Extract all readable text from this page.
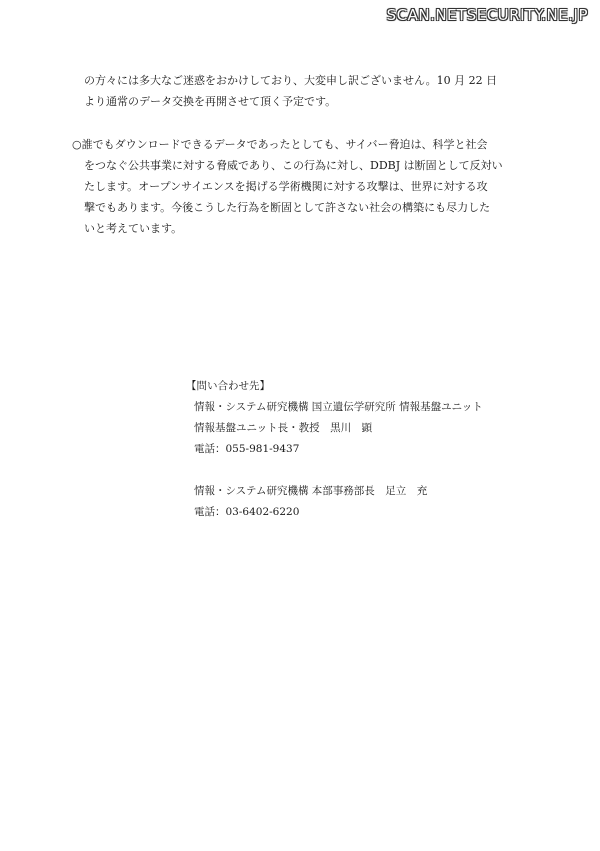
SCAN.NETSECURITY.NE.JP
の方々には多大なご迷惑をおかけしており、大変申し訳ございません。10 月 22 日
より通常のデータ交換を再開させて頂く予定です。
○誰でもダウンロードできるデータであったとしても、サイバー脅迫は、科学と社会
をつなぐ公共事業に対する脅威であり、この行為に対し、DDBJ は断固として反対い
たします。オープンサイエンスを掲げる学術機関に対する攻撃は、世界に対する攻
撃でもあります。今後こうした行為を断固として許さない社会の構築にも尽力した
いと考えています。
【問い合わせ先】
情報・システム研究機構 国立遺伝学研究所 情報基盤ユニット
情報基盤ユニット長・教授　黒川　顕
電話：055-981-9437
情報・システム研究機構 本部事務部長　足立　充
電話：03-6402-6220
